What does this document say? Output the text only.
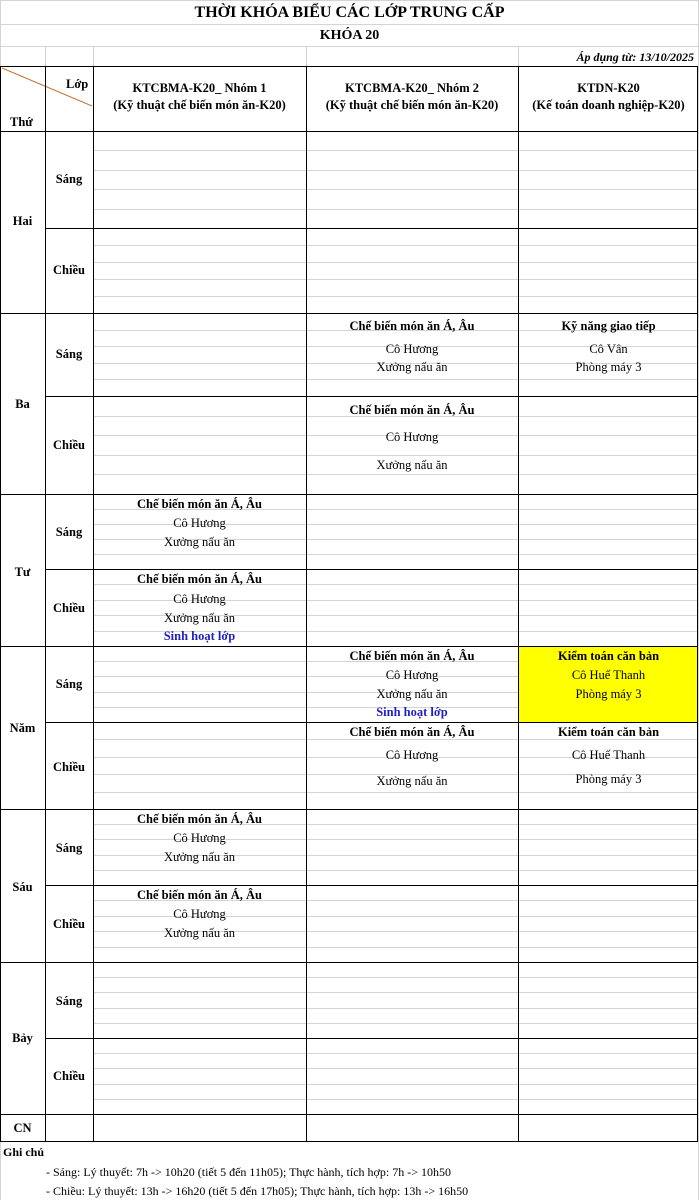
THỜI KHÓA BIỂU CÁC LỚP TRUNG CẤP
KHÓA 20
Áp dụng từ: 13/10/2025
Lớp
Thứ
KTCBMA-K20_ Nhóm 1
(Kỹ thuật chế biến món ăn-K20)
KTCBMA-K20_ Nhóm 2
(Kỹ thuật chế biến món ăn-K20)
KTDN-K20
(Kế toán doanh nghiệp-K20)
Hai
Ba
Tư
Năm
Sáu
Bảy
CN
Sáng
Chiều
Sáng
Chiều
Sáng
Chiều
Sáng
Chiều
Sáng
Chiều
Sáng
Chiều
Chế biến món ăn Á, Âu
Cô Hương
Xưởng nấu ăn
Kỹ năng giao tiếp
Cô Vân
Phòng máy 3
Chế biến món ăn Á, Âu
Cô Hương
Xưởng nấu ăn
Chế biến món ăn Á, Âu
Cô Hương
Xưởng nấu ăn
Chế biến món ăn Á, Âu
Cô Hương
Xưởng nấu ăn
Sinh hoạt lớp
Chế biến món ăn Á, Âu
Cô Hương
Xưởng nấu ăn
Sinh hoạt lớp
Kiểm toán căn bản
Cô Huế Thanh
Phòng máy 3
Chế biến món ăn Á, Âu
Cô Hương
Xưởng nấu ăn
Kiểm toán căn bản
Cô Huế Thanh
Phòng máy 3
Chế biến món ăn Á, Âu
Cô Hương
Xưởng nấu ăn
Chế biến món ăn Á, Âu
Cô Hương
Xưởng nấu ăn
Ghi chú
- Sáng: Lý thuyết: 7h -> 10h20 (tiết 5 đến 11h05); Thực hành, tích hợp: 7h -> 10h50
- Chiều: Lý thuyết: 13h -> 16h20 (tiết 5 đến 17h05); Thực hành, tích hợp: 13h -> 16h50
